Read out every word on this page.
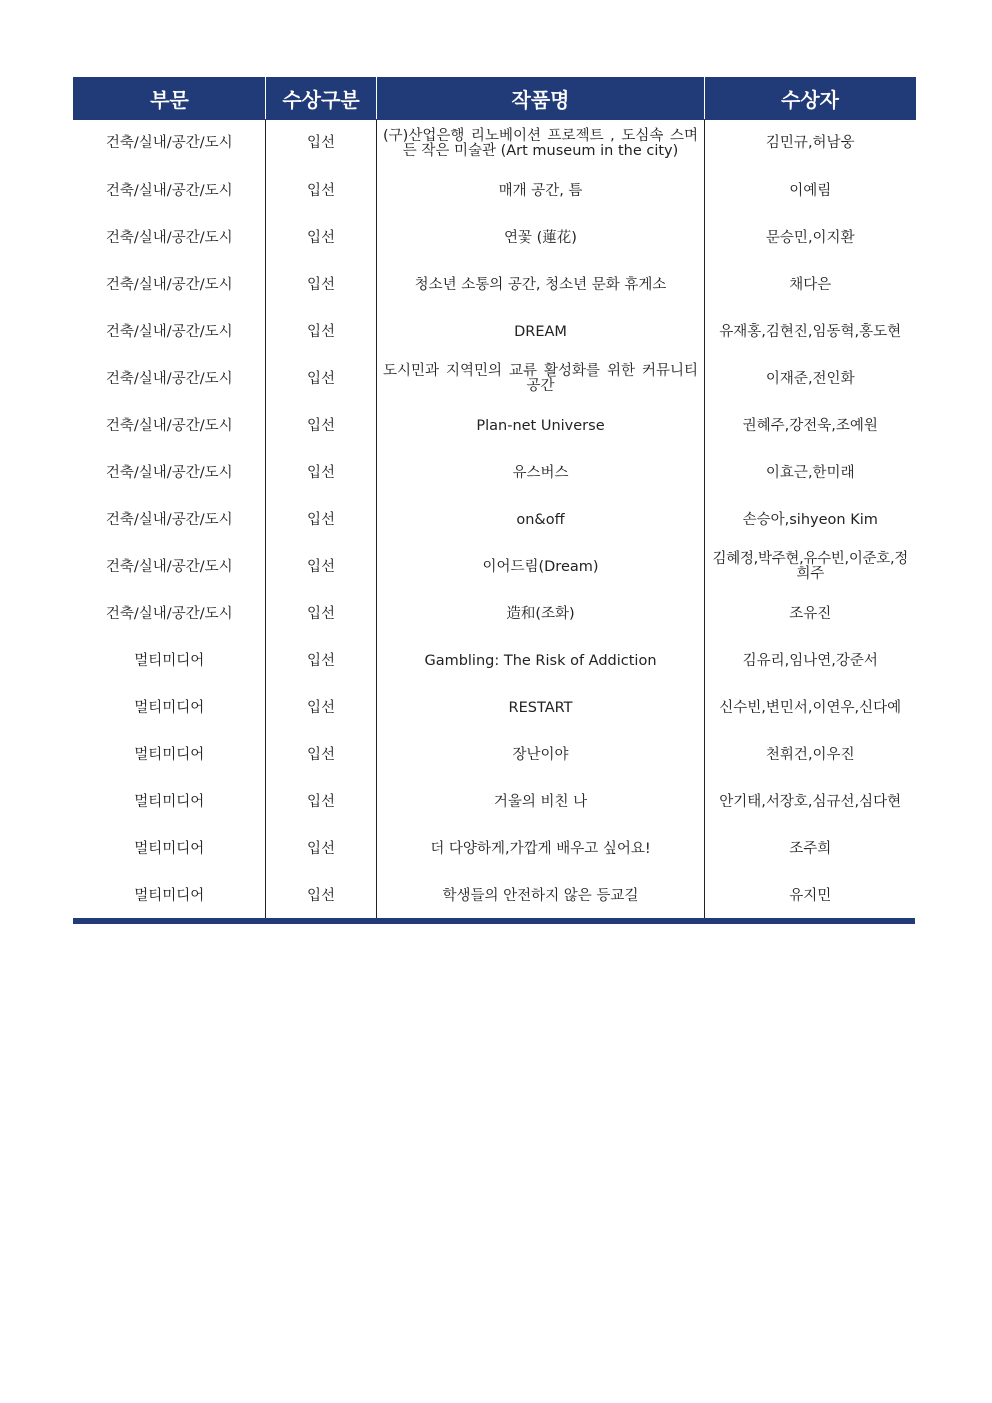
부문	수상구분	작품명	수상자
건축/실내/공간/도시	입선	(구)산업은행 리노베이션 프로젝트 , 도심속 스며든 작은 미술관 (Art museum in the city)	김민규,허남웅
건축/실내/공간/도시	입선	매개 공간, 틈	이예림
건축/실내/공간/도시	입선	연꽃 (蓮花)	문승민,이지환
건축/실내/공간/도시	입선	청소년 소통의 공간, 청소년 문화 휴게소	채다은
건축/실내/공간/도시	입선	DREAM	유재홍,김현진,임동혁,홍도현
건축/실내/공간/도시	입선	도시민과 지역민의 교류 활성화를 위한 커뮤니티 공간	이재준,전인화
건축/실내/공간/도시	입선	Plan-net Universe	권혜주,강전욱,조예원
건축/실내/공간/도시	입선	유스버스	이효근,한미래
건축/실내/공간/도시	입선	on&off	손승아,sihyeon Kim
건축/실내/공간/도시	입선	이어드림(Dream)	김혜정,박주현,유수빈,이준호,정희주
건축/실내/공간/도시	입선	造和(조화)	조유진
멀티미디어	입선	Gambling: The Risk of Addiction	김유리,임나연,강준서
멀티미디어	입선	RESTART	신수빈,변민서,이연우,신다예
멀티미디어	입선	장난이야	천휘건,이우진
멀티미디어	입선	거울의 비친 나	안기태,서장호,심규선,심다현
멀티미디어	입선	더 다양하게,가깝게 배우고 싶어요!	조주희
멀티미디어	입선	학생들의 안전하지 않은 등교길	유지민
